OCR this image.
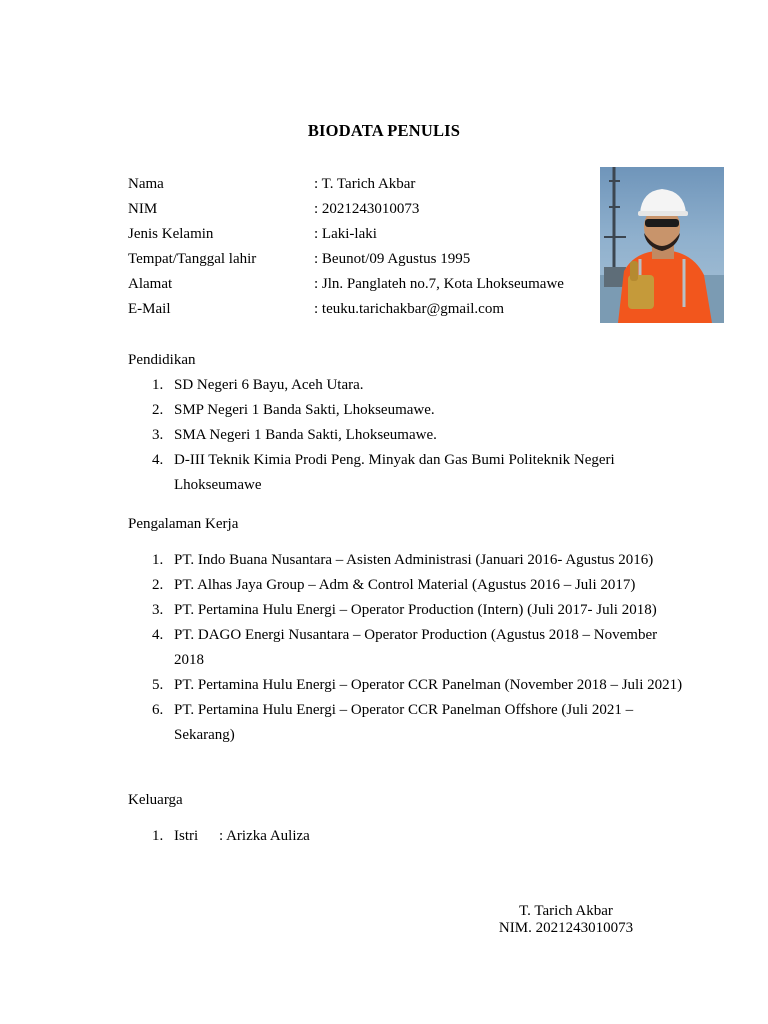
BIODATA PENULIS
Nama	: T. Tarich Akbar
NIM	: 2021243010073
Jenis Kelamin	: Laki-laki
Tempat/Tanggal lahir	: Beunot/09 Agustus 1995
Alamat	: Jln. Panglateh no.7, Kota Lhokseumawe
E-Mail	: teuku.tarichakbar@gmail.com
Pendidikan
1. SD Negeri 6 Bayu, Aceh Utara.
2. SMP Negeri 1 Banda Sakti, Lhokseumawe.
3. SMA Negeri 1 Banda Sakti, Lhokseumawe.
4. D-III Teknik Kimia Prodi Peng. Minyak dan Gas Bumi Politeknik Negeri Lhokseumawe
Pengalaman Kerja
1. PT. Indo Buana Nusantara – Asisten Administrasi (Januari 2016- Agustus 2016)
2. PT. Alhas Jaya Group – Adm & Control Material (Agustus 2016 – Juli 2017)
3. PT. Pertamina Hulu Energi – Operator Production (Intern) (Juli 2017- Juli 2018)
4. PT. DAGO Energi Nusantara – Operator Production (Agustus 2018 – November 2018
5. PT. Pertamina Hulu Energi – Operator CCR Panelman (November 2018 – Juli 2021)
6. PT. Pertamina Hulu Energi – Operator CCR Panelman Offshore (Juli 2021 – Sekarang)
Keluarga
1. Istri : Arizka Auliza
T. Tarich Akbar
NIM. 2021243010073
